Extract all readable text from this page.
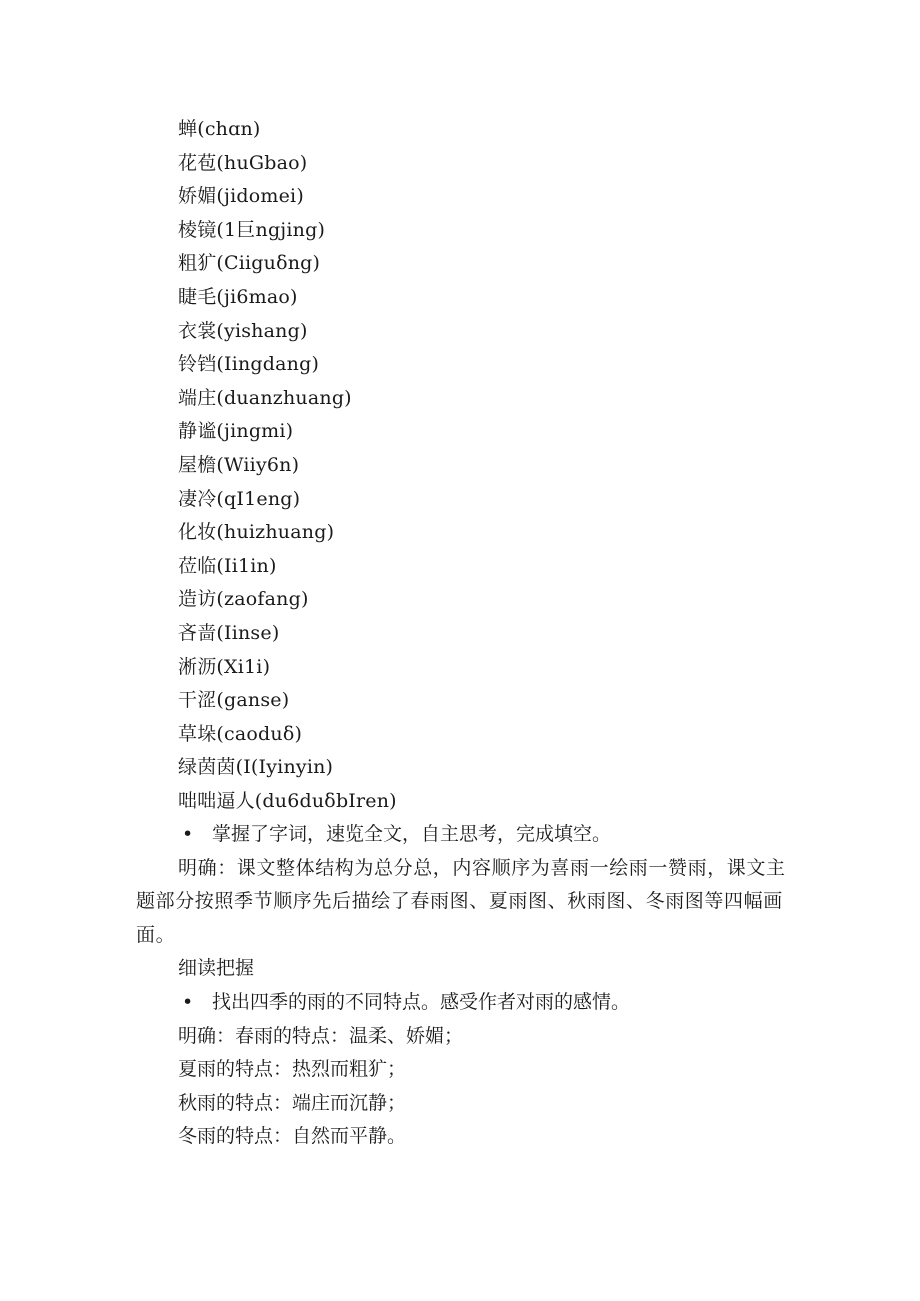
蝉(chɑn)
花苞(huGbao)
娇媚(jidomei)
棱镜(1巨ngjing)
粗犷(Ciiguδng)
睫毛(ji6mao)
衣裳(yishang)
铃铛(Iingdang)
端庄(duanzhuang)
静谧(jingmi)
屋檐(Wiiy6n)
凄冷(qI1eng)
化妆(huizhuang)
莅临(Ii1in)
造访(zaofang)
吝啬(Iinse)
淅沥(Xi1i)
干涩(ganse)
草垛(caoduδ)
绿茵茵(I(Iyinyin)
咄咄逼人(du6duδbIren)
• 掌握了字词，速览全文，自主思考，完成填空。
明确：课文整体结构为总分总，内容顺序为喜雨一绘雨一赞雨，课文主题部分按照季节顺序先后描绘了春雨图、夏雨图、秋雨图、冬雨图等四幅画面。
细读把握
• 找出四季的雨的不同特点。感受作者对雨的感情。
明确：春雨的特点：温柔、娇媚；
夏雨的特点：热烈而粗犷；
秋雨的特点：端庄而沉静；
冬雨的特点：自然而平静。
